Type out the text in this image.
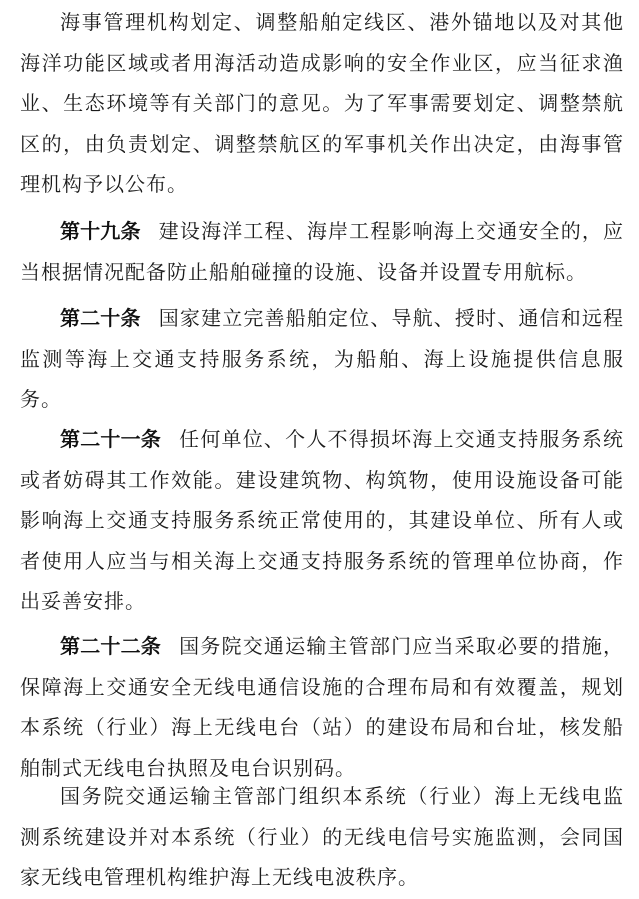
海事管理机构划定、调整船舶定线区、港外锚地以及对其他海洋功能区域或者用海活动造成影响的安全作业区，应当征求渔业、生态环境等有关部门的意见。为了军事需要划定、调整禁航区的，由负责划定、调整禁航区的军事机关作出决定，由海事管理机构予以公布。

第十九条 建设海洋工程、海岸工程影响海上交通安全的，应当根据情况配备防止船舶碰撞的设施、设备并设置专用航标。

第二十条 国家建立完善船舶定位、导航、授时、通信和远程监测等海上交通支持服务系统，为船舶、海上设施提供信息服务。

第二十一条 任何单位、个人不得损坏海上交通支持服务系统或者妨碍其工作效能。建设建筑物、构筑物，使用设施设备可能影响海上交通支持服务系统正常使用的，其建设单位、所有人或者使用人应当与相关海上交通支持服务系统的管理单位协商，作出妥善安排。

第二十二条 国务院交通运输主管部门应当采取必要的措施，保障海上交通安全无线电通信设施的合理布局和有效覆盖，规划本系统（行业）海上无线电台（站）的建设布局和台址，核发船舶制式无线电台执照及电台识别码。

国务院交通运输主管部门组织本系统（行业）海上无线电监测系统建设并对本系统（行业）的无线电信号实施监测，会同国家无线电管理机构维护海上无线电波秩序。
